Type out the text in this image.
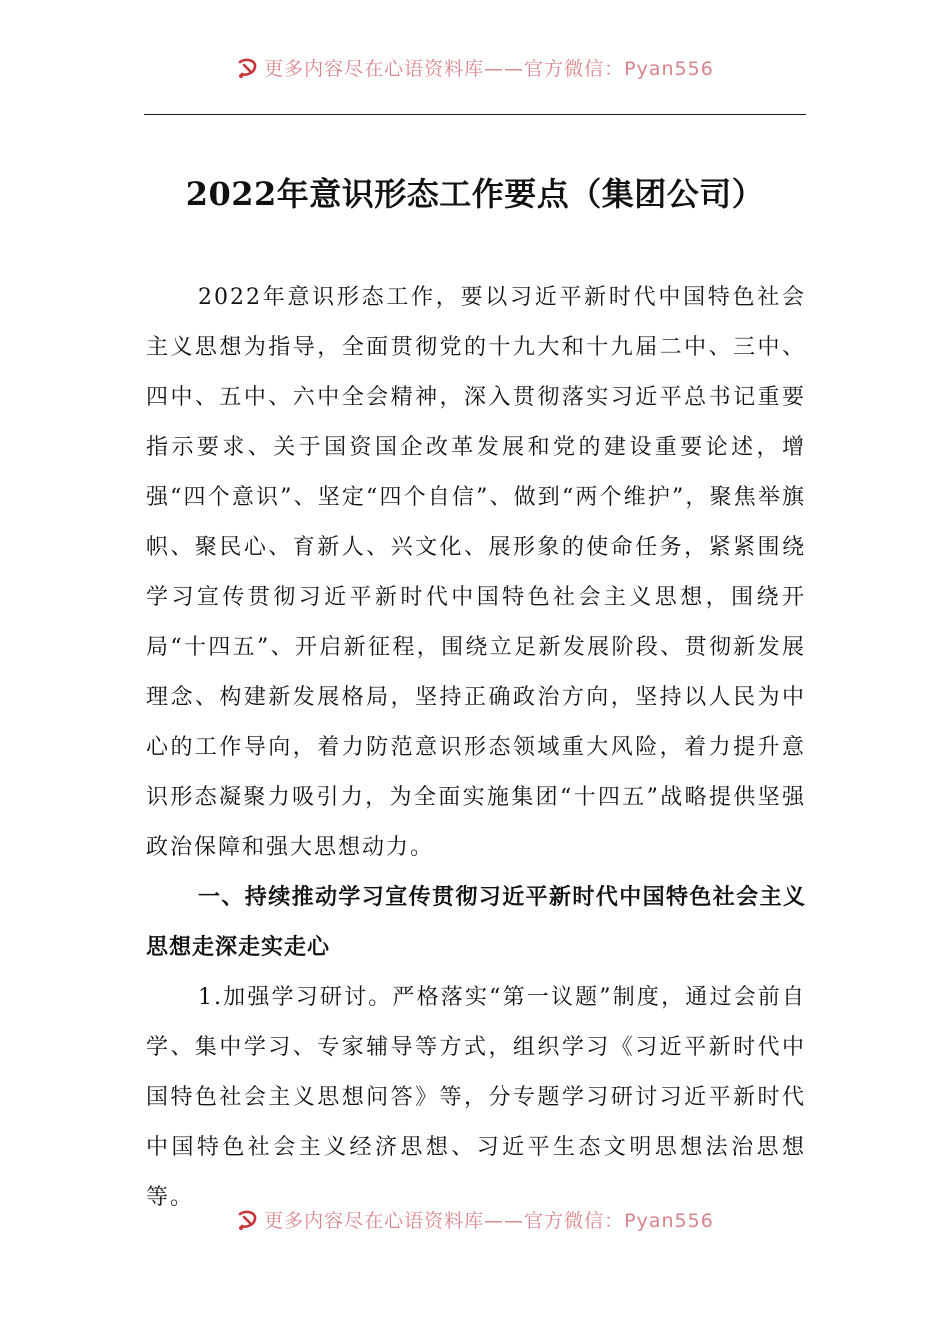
更多内容尽在心语资料库——官方微信：Pyan556
2022年意识形态工作要点（集团公司）

2022年意识形态工作，要以习近平新时代中国特色社会主义思想为指导，全面贯彻党的十九大和十九届二中、三中、四中、五中、六中全会精神，深入贯彻落实习近平总书记重要指示要求、关于国资国企改革发展和党的建设重要论述，增强“四个意识”、坚定“四个自信”、做到“两个维护”，聚焦举旗帜、聚民心、育新人、兴文化、展形象的使命任务，紧紧围绕学习宣传贯彻习近平新时代中国特色社会主义思想，围绕开局“十四五”、开启新征程，围绕立足新发展阶段、贯彻新发展理念、构建新发展格局，坚持正确政治方向，坚持以人民为中心的工作导向，着力防范意识形态领域重大风险，着力提升意识形态凝聚力吸引力，为全面实施集团“十四五”战略提供坚强政治保障和强大思想动力。

一、持续推动学习宣传贯彻习近平新时代中国特色社会主义思想走深走实走心

1.加强学习研讨。严格落实“第一议题”制度，通过会前自学、集中学习、专家辅导等方式，组织学习《习近平新时代中国特色社会主义思想问答》等，分专题学习研讨习近平新时代中国特色社会主义经济思想、习近平生态文明思想法治思想等。

更多内容尽在心语资料库——官方微信：Pyan556
